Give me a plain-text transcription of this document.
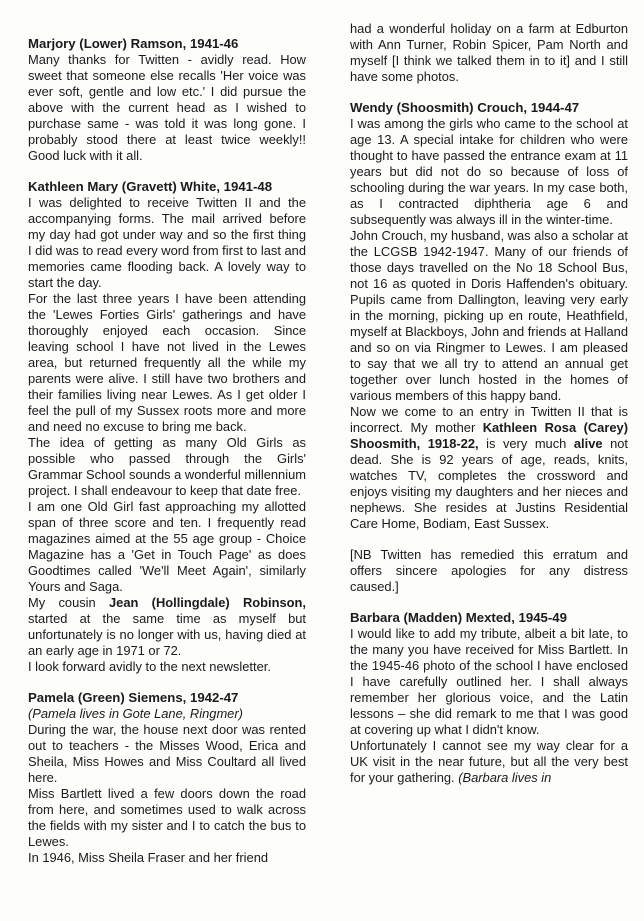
Marjory (Lower) Ramson, 1941-46
Many thanks for Twitten - avidly read. How sweet that someone else recalls 'Her voice was ever soft, gentle and low etc.' I did pursue the above with the current head as I wished to purchase same - was told it was long gone. I probably stood there at least twice weekly!! Good luck with it all.
Kathleen Mary (Gravett) White, 1941-48
I was delighted to receive Twitten II and the accompanying forms. The mail arrived before my day had got under way and so the first thing I did was to read every word from first to last and memories came flooding back. A lovely way to start the day.
For the last three years I have been attending the 'Lewes Forties Girls' gatherings and have thoroughly enjoyed each occasion. Since leaving school I have not lived in the Lewes area, but returned frequently all the while my parents were alive. I still have two brothers and their families living near Lewes. As I get older I feel the pull of my Sussex roots more and more and need no excuse to bring me back.
The idea of getting as many Old Girls as possible who passed through the Girls' Grammar School sounds a wonderful millennium project. I shall endeavour to keep that date free.
I am one Old Girl fast approaching my allotted span of three score and ten. I frequently read magazines aimed at the 55 age group - Choice Magazine has a 'Get in Touch Page' as does Goodtimes called 'We'll Meet Again', similarly Yours and Saga.
My cousin Jean (Hollingdale) Robinson, started at the same time as myself but unfortunately is no longer with us, having died at an early age in 1971 or 72.
I look forward avidly to the next newsletter.
Pamela (Green) Siemens, 1942-47
(Pamela lives in Gote Lane, Ringmer)
During the war, the house next door was rented out to teachers - the Misses Wood, Erica and Sheila, Miss Howes and Miss Coultard all lived here.
Miss Bartlett lived a few doors down the road from here, and sometimes used to walk across the fields with my sister and I to catch the bus to Lewes.
In 1946, Miss Sheila Fraser and her friend
had a wonderful holiday on a farm at Edburton with Ann Turner, Robin Spicer, Pam North and myself [I think we talked them in to it] and I still have some photos.
Wendy (Shoosmith) Crouch, 1944-47
I was among the girls who came to the school at age 13. A special intake for children who were thought to have passed the entrance exam at 11 years but did not do so because of loss of schooling during the war years. In my case both, as I contracted diphtheria age 6 and subsequently was always ill in the winter-time.
John Crouch, my husband, was also a scholar at the LCGSB 1942-1947. Many of our friends of those days travelled on the No 18 School Bus, not 16 as quoted in Doris Haffenden's obituary. Pupils came from Dallington, leaving very early in the morning, picking up en route, Heathfield, myself at Blackboys, John and friends at Halland and so on via Ringmer to Lewes. I am pleased to say that we all try to attend an annual get together over lunch hosted in the homes of various members of this happy band.
Now we come to an entry in Twitten II that is incorrect. My mother Kathleen Rosa (Carey) Shoosmith, 1918-22, is very much alive not dead. She is 92 years of age, reads, knits, watches TV, completes the crossword and enjoys visiting my daughters and her nieces and nephews. She resides at Justins Residential Care Home, Bodiam, East Sussex.
[NB Twitten has remedied this erratum and offers sincere apologies for any distress caused.]
Barbara (Madden) Mexted, 1945-49
I would like to add my tribute, albeit a bit late, to the many you have received for Miss Bartlett. In the 1945-46 photo of the school I have enclosed I have carefully outlined her. I shall always remember her glorious voice, and the Latin lessons – she did remark to me that I was good at covering up what I didn't know.
Unfortunately I cannot see my way clear for a UK visit in the near future, but all the very best for your gathering. (Barbara lives in
